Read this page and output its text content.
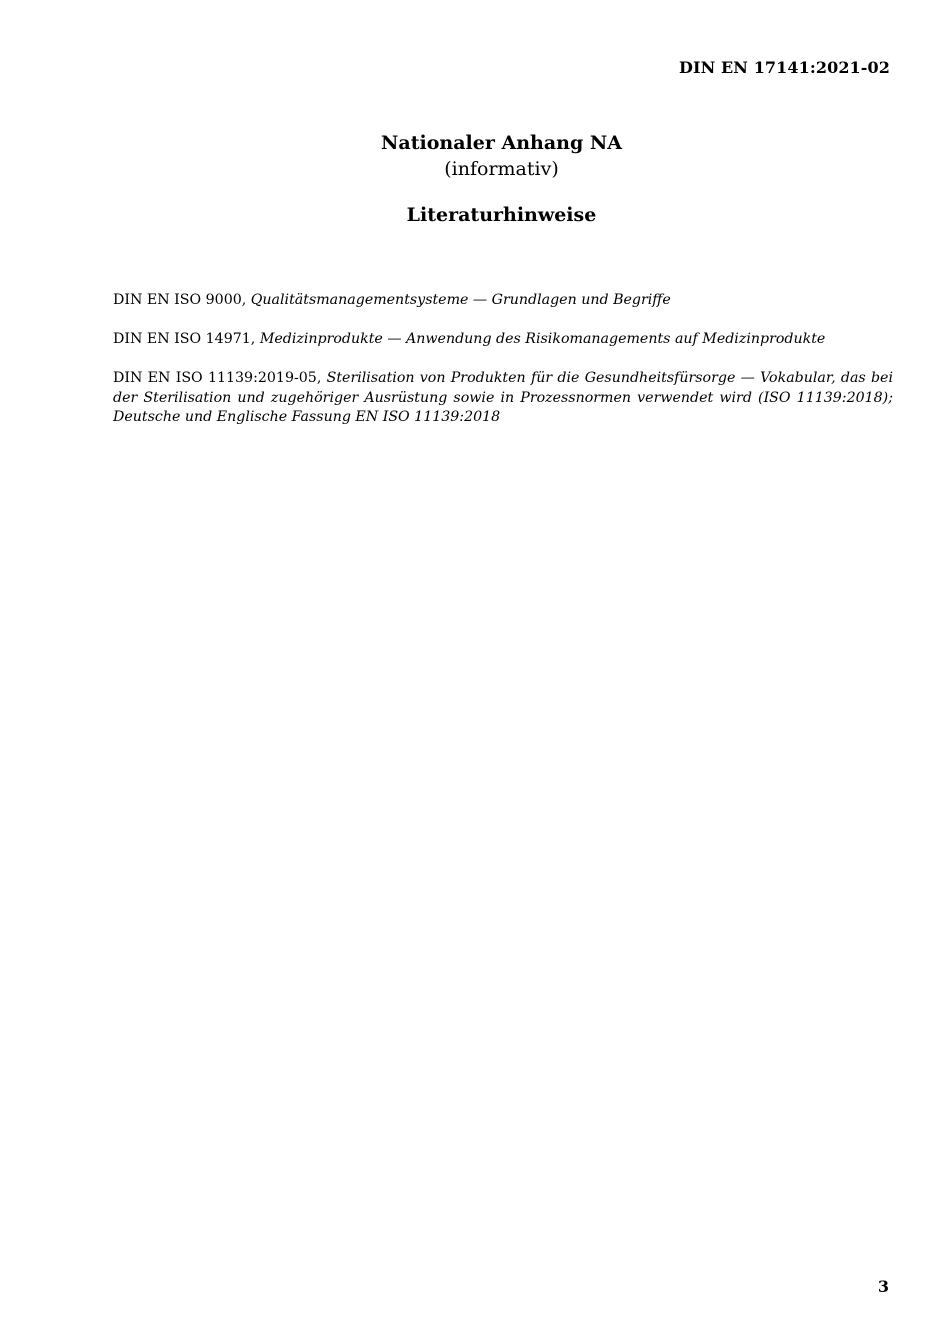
DIN EN 17141:2021-02

Nationaler Anhang NA

(informativ)

Literaturhinweise

DIN EN ISO 9000, Qualitätsmanagementsysteme — Grundlagen und Begriffe

DIN EN ISO 14971, Medizinprodukte — Anwendung des Risikomanagements auf Medizinprodukte

DIN EN ISO 11139:2019-05, Sterilisation von Produkten für die Gesundheitsfürsorge — Vokabular, das bei der Sterilisation und zugehöriger Ausrüstung sowie in Prozessnormen verwendet wird (ISO 11139:2018); Deutsche und Englische Fassung EN ISO 11139:2018

3
